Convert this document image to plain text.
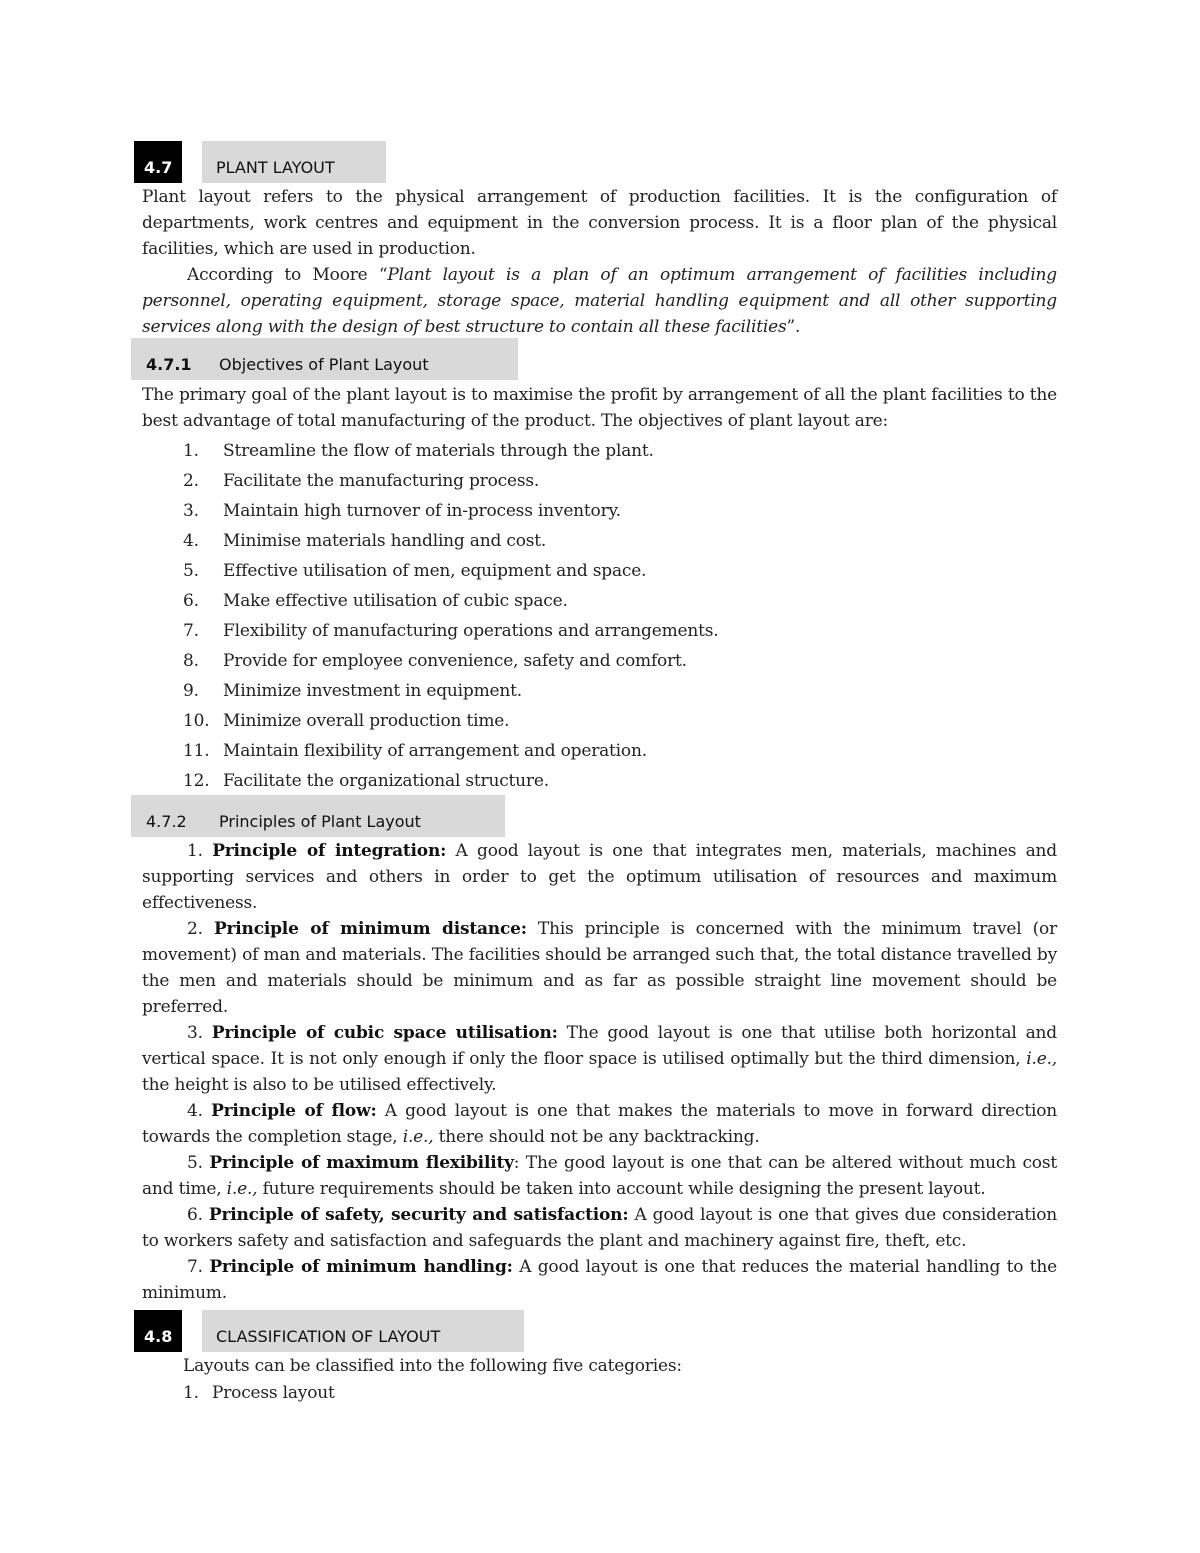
4.7	PLANT LAYOUT

Plant layout refers to the physical arrangement of production facilities. It is the configuration of departments, work centres and equipment in the conversion process. It is a floor plan of the physical facilities, which are used in production.

According to Moore “Plant layout is a plan of an optimum arrangement of facilities including personnel, operating equipment, storage space, material handling equipment and all other supporting services along with the design of best structure to contain all these facilities”.

4.7.1 Objectives of Plant Layout
The primary goal of the plant layout is to maximise the profit by arrangement of all the plant facilities to the best advantage of total manufacturing of the product. The objectives of plant layout are:
1. Streamline the flow of materials through the plant.
2. Facilitate the manufacturing process.
3. Maintain high turnover of in-process inventory.
4. Minimise materials handling and cost.
5. Effective utilisation of men, equipment and space.
6. Make effective utilisation of cubic space.
7. Flexibility of manufacturing operations and arrangements.
8. Provide for employee convenience, safety and comfort.
9. Minimize investment in equipment.
10. Minimize overall production time.
11. Maintain flexibility of arrangement and operation.
12. Facilitate the organizational structure.
4.7.2 Principles of Plant Layout

1. Principle of integration: A good layout is one that integrates men, materials, machines and supporting services and others in order to get the optimum utilisation of resources and maximum effectiveness.

2. Principle of minimum distance: This principle is concerned with the minimum travel (or movement) of man and materials. The facilities should be arranged such that, the total distance travelled by the men and materials should be minimum and as far as possible straight line movement should be preferred.

3. Principle of cubic space utilisation: The good layout is one that utilise both horizontal and vertical space. It is not only enough if only the floor space is utilised optimally but the third dimension, i.e., the height is also to be utilised effectively.

4. Principle of flow: A good layout is one that makes the materials to move in forward direction towards the completion stage, i.e., there should not be any backtracking.

5. Principle of maximum flexibility: The good layout is one that can be altered without much cost and time, i.e., future requirements should be taken into account while designing the present layout.

6. Principle of safety, security and satisfaction: A good layout is one that gives due consideration to workers safety and satisfaction and safeguards the plant and machinery against fire, theft, etc.

7. Principle of minimum handling: A good layout is one that reduces the material handling to the minimum.

4.8	CLASSIFICATION OF LAYOUT
Layouts can be classified into the following five categories:
1. Process layout
